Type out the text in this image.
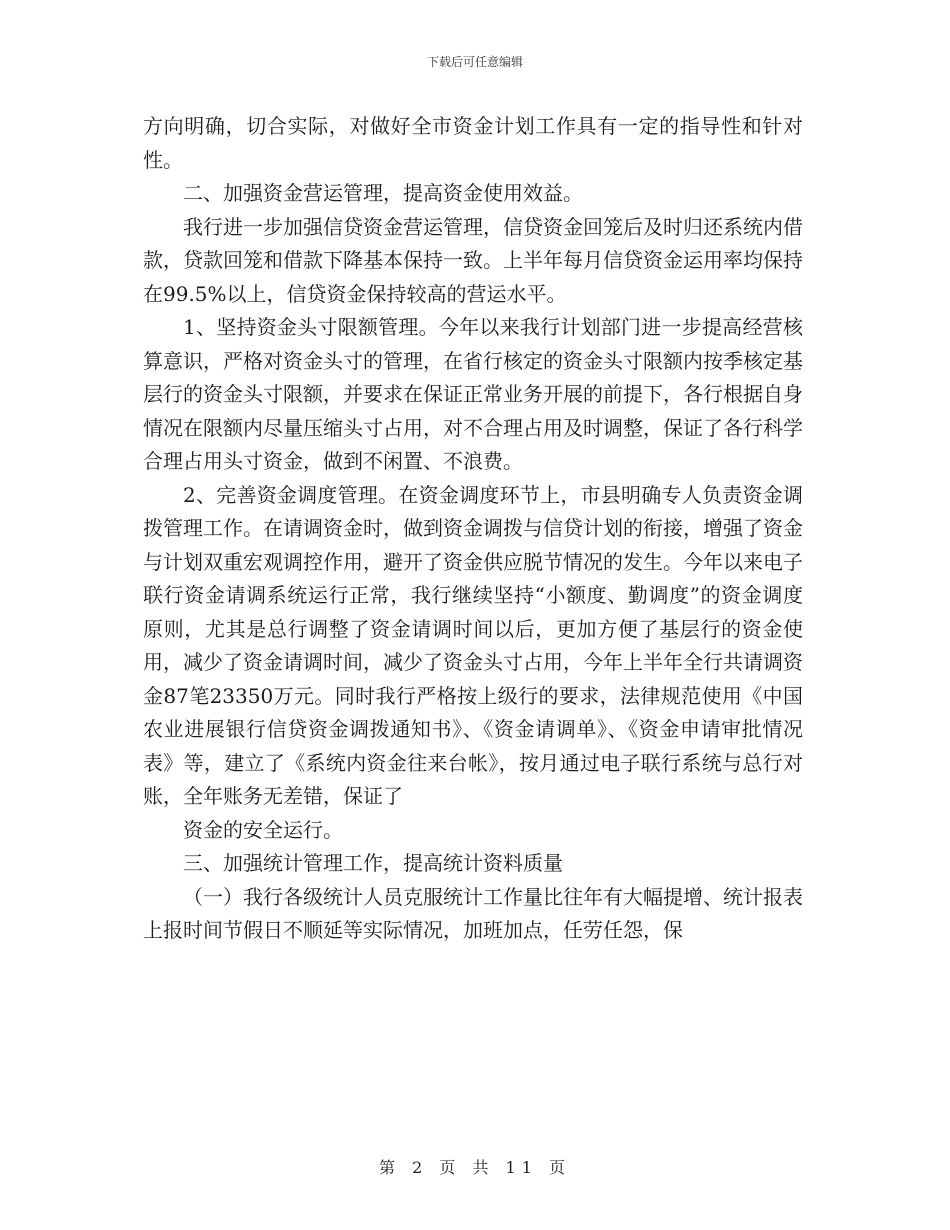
下载后可任意编辑

方向明确，切合实际，对做好全市资金计划工作具有一定的指导性和针对性。

二、加强资金营运管理，提高资金使用效益。

我行进一步加强信贷资金营运管理，信贷资金回笼后及时归还系统内借款，贷款回笼和借款下降基本保持一致。上半年每月信贷资金运用率均保持在99.5%以上，信贷资金保持较高的营运水平。

1、坚持资金头寸限额管理。今年以来我行计划部门进一步提高经营核算意识，严格对资金头寸的管理，在省行核定的资金头寸限额内按季核定基层行的资金头寸限额，并要求在保证正常业务开展的前提下，各行根据自身情况在限额内尽量压缩头寸占用，对不合理占用及时调整，保证了各行科学合理占用头寸资金，做到不闲置、不浪费。

2、完善资金调度管理。在资金调度环节上，市县明确专人负责资金调拨管理工作。在请调资金时，做到资金调拨与信贷计划的衔接，增强了资金与计划双重宏观调控作用，避开了资金供应脱节情况的发生。今年以来电子联行资金请调系统运行正常，我行继续坚持“小额度、勤调度”的资金调度原则，尤其是总行调整了资金请调时间以后，更加方便了基层行的资金使用，减少了资金请调时间，减少了资金头寸占用，今年上半年全行共请调资金87笔23350万元。同时我行严格按上级行的要求，法律规范使用《中国农业进展银行信贷资金调拨通知书》、《资金请调单》、《资金申请审批情况表》等，建立了《系统内资金往来台帐》，按月通过电子联行系统与总行对账，全年账务无差错，保证了

资金的安全运行。

三、加强统计管理工作，提高统计资料质量

（一）我行各级统计人员克服统计工作量比往年有大幅提增、统计报表上报时间节假日不顺延等实际情况，加班加点，任劳任怨，保

第 2 页 共 11 页
